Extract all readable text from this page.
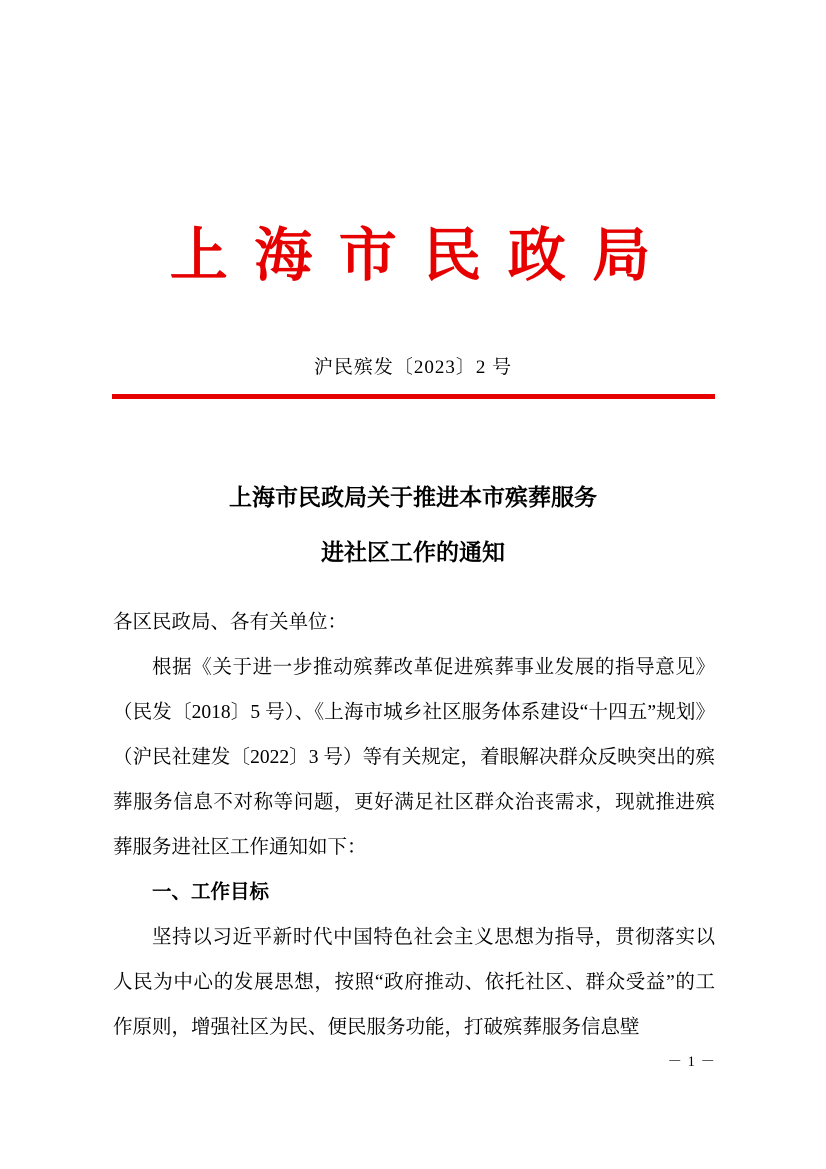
上 海 市 民 政 局
沪民殡发〔2023〕2 号
上海市民政局关于推进本市殡葬服务
进社区工作的通知

各区民政局、各有关单位：

根据《关于进一步推动殡葬改革促进殡葬事业发展的指导意见》（民发〔2018〕5 号）、《上海市城乡社区服务体系建设“十四五”规划》（沪民社建发〔2022〕3 号）等有关规定，着眼解决群众反映突出的殡葬服务信息不对称等问题，更好满足社区群众治丧需求，现就推进殡葬服务进社区工作通知如下：

一、工作目标

坚持以习近平新时代中国特色社会主义思想为指导，贯彻落实以人民为中心的发展思想，按照“政府推动、依托社区、群众受益”的工作原则，增强社区为民、便民服务功能，打破殡葬服务信息壁

－ 1 －
